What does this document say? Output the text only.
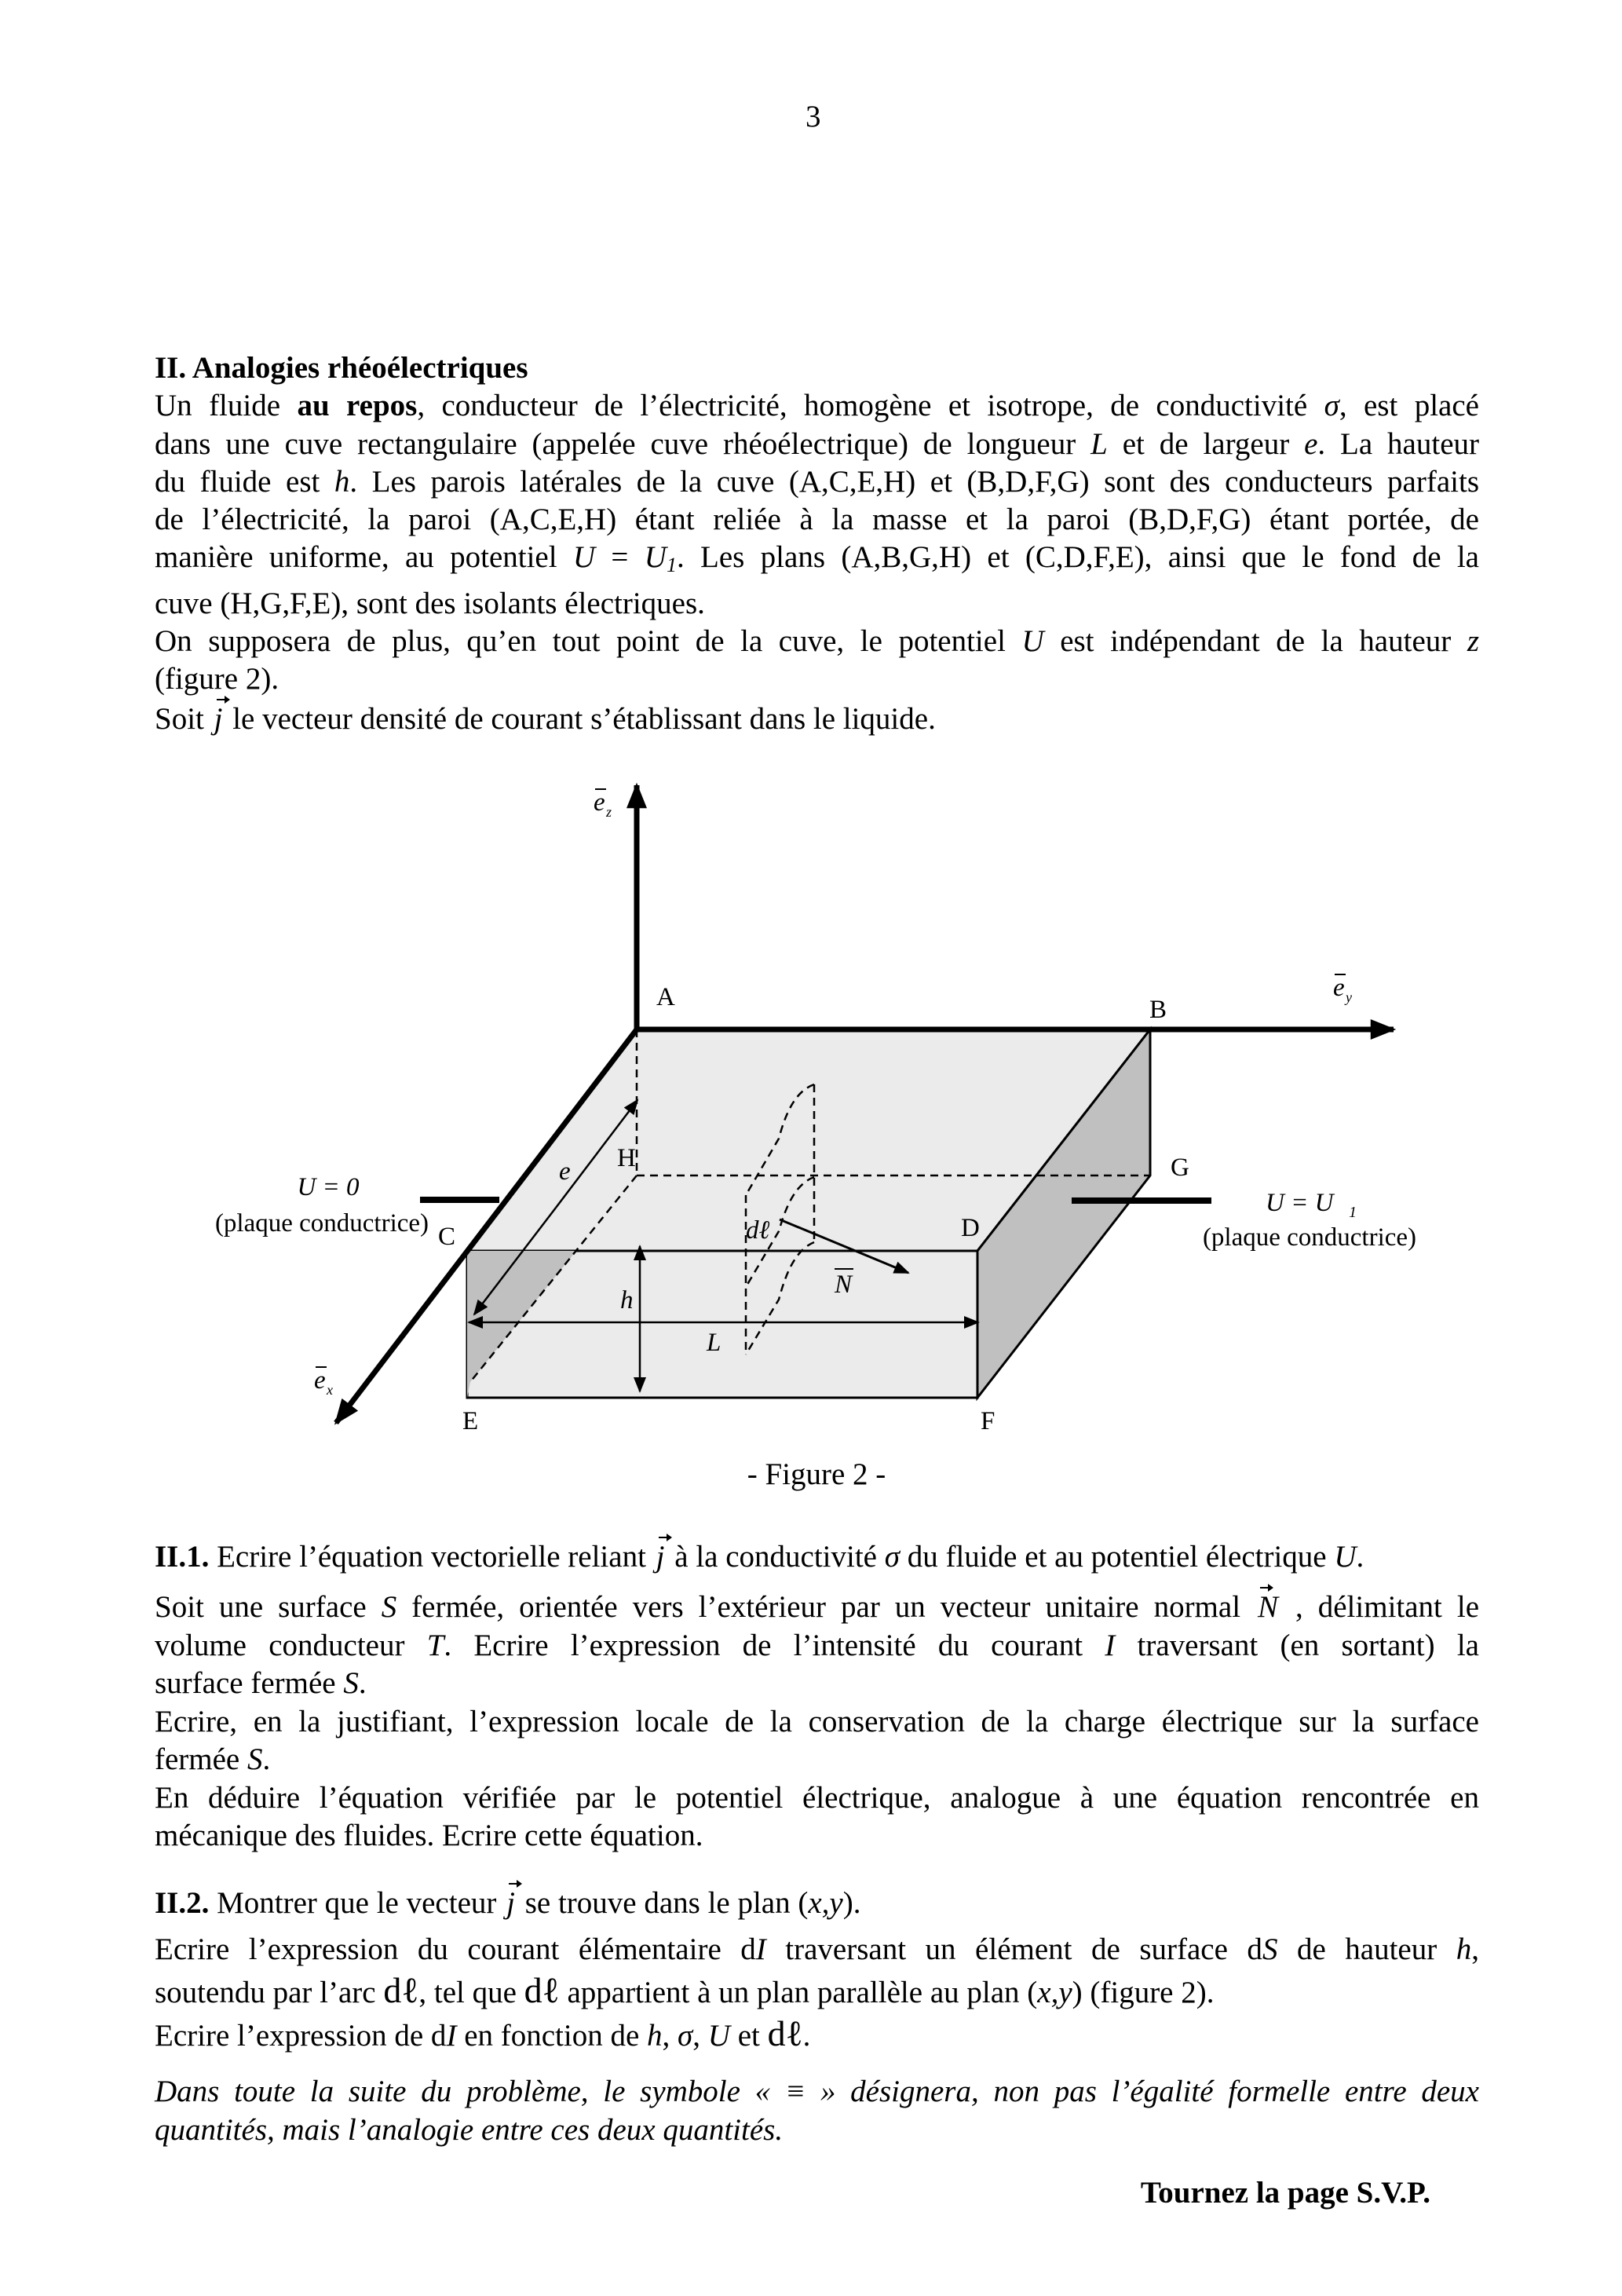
3
II. Analogies rhéoélectriques
Un fluide au repos, conducteur de l’électricité, homogène et isotrope, de conductivité σ, est placé
dans une cuve rectangulaire (appelée cuve rhéoélectrique) de longueur L et de largeur e. La hauteur
du fluide est h. Les parois latérales de la cuve (A,C,E,H) et (B,D,F,G) sont des conducteurs parfaits
de l’électricité, la paroi (A,C,E,H) étant reliée à la masse et la paroi (B,D,F,G) étant portée, de
manière uniforme, au potentiel U = U1. Les plans (A,B,G,H) et (C,D,F,E), ainsi que le fond de la
cuve (H,G,F,E), sont des isolants électriques.
On supposera de plus, qu’en tout point de la cuve, le potentiel U est indépendant de la hauteur z
(figure 2).
Soit j le vecteur densité de courant s’établissant dans le liquide.
e z
e y
e x
A	B
C	D
E	F
G
H
e
h
L
dℓ
N
U = 0
(plaque conductrice)
U = U 1
(plaque conductrice)
- Figure 2 -
II.1. Ecrire l’équation vectorielle reliant j à la conductivité σ du fluide et au potentiel électrique U.
Soit une surface S fermée, orientée vers l’extérieur par un vecteur unitaire normal N , délimitant le
volume conducteur T. Ecrire l’expression de l’intensité du courant I traversant (en sortant) la
surface fermée S.
Ecrire, en la justifiant, l’expression locale de la conservation de la charge électrique sur la surface
fermée S.
En déduire l’équation vérifiée par le potentiel électrique, analogue à une équation rencontrée en
mécanique des fluides. Ecrire cette équation.
II.2. Montrer que le vecteur j se trouve dans le plan (x,y).
Ecrire l’expression du courant élémentaire dI traversant un élément de surface dS de hauteur h,
soutendu par l’arc dℓ, tel que dℓ appartient à un plan parallèle au plan (x,y) (figure 2).
Ecrire l’expression de dI en fonction de h, σ, U et dℓ.
Dans toute la suite du problème, le symbole « ≡ » désignera, non pas l’égalité formelle entre deux
quantités, mais l’analogie entre ces deux quantités.
Tournez la page S.V.P.
